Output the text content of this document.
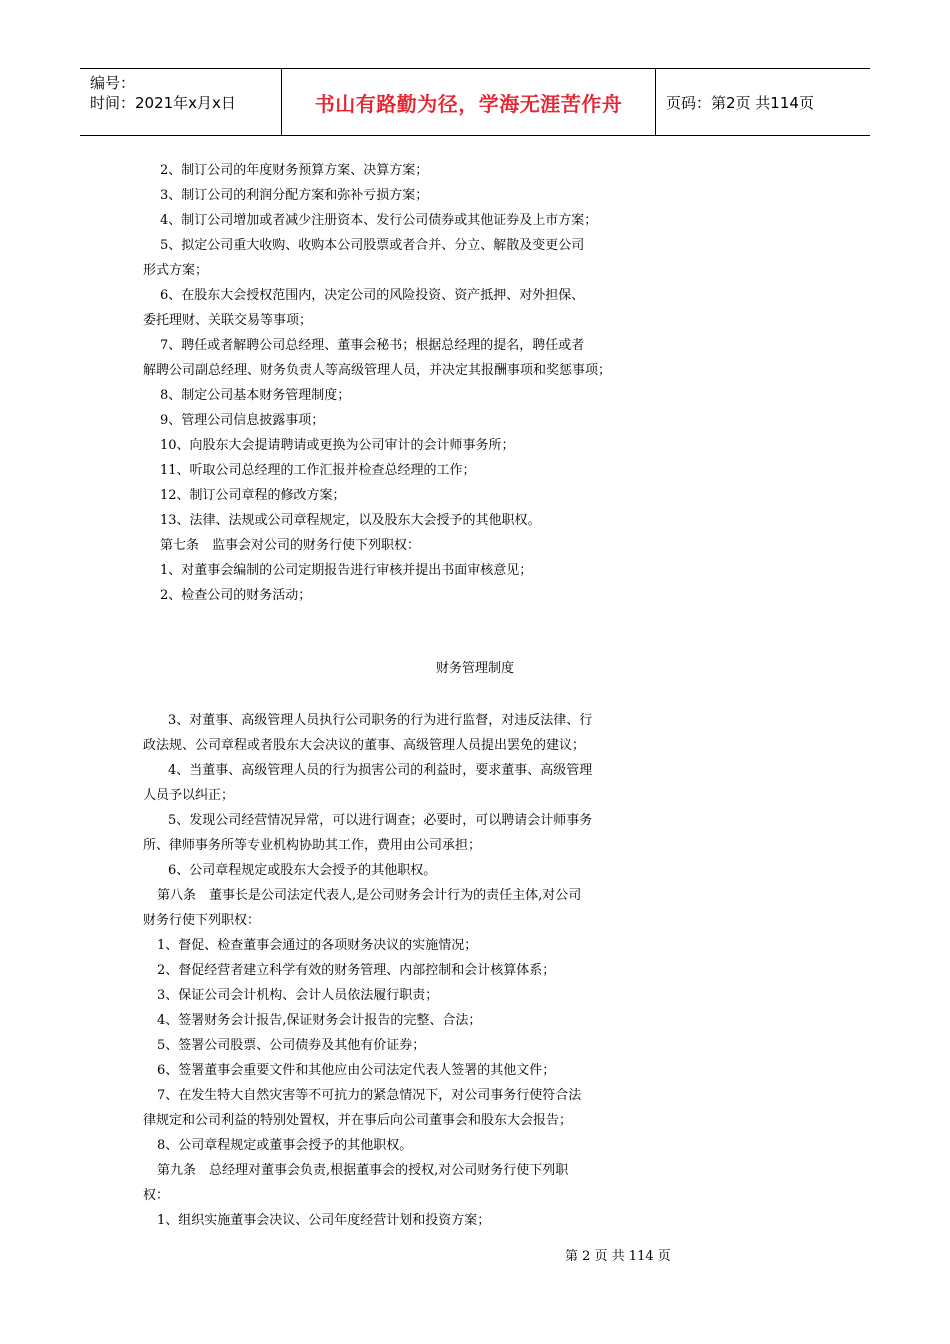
编号：
时间：2021年x月x日	书山有路勤为径，学海无涯苦作舟	页码：第2页 共114页
2、制订公司的年度财务预算方案、决算方案；
3、制订公司的利润分配方案和弥补亏损方案；
4、制订公司增加或者减少注册资本、发行公司债券或其他证券及上市方案；
5、拟定公司重大收购、收购本公司股票或者合并、分立、解散及变更公司
形式方案；
6、在股东大会授权范围内，决定公司的风险投资、资产抵押、对外担保、
委托理财、关联交易等事项；
7、聘任或者解聘公司总经理、董事会秘书；根据总经理的提名，聘任或者
解聘公司副总经理、财务负责人等高级管理人员，并决定其报酬事项和奖惩事项；
8、制定公司基本财务管理制度；
9、管理公司信息披露事项；
10、向股东大会提请聘请或更换为公司审计的会计师事务所；
11、听取公司总经理的工作汇报并检查总经理的工作；
12、制订公司章程的修改方案；
13、法律、法规或公司章程规定，以及股东大会授予的其他职权。
第七条　监事会对公司的财务行使下列职权：
1、对董事会编制的公司定期报告进行审核并提出书面审核意见；
2、检查公司的财务活动；
3、对董事、高级管理人员执行公司职务的行为进行监督，对违反法律、行
政法规、公司章程或者股东大会决议的董事、高级管理人员提出罢免的建议；
4、当董事、高级管理人员的行为损害公司的利益时，要求董事、高级管理
人员予以纠正；
5、发现公司经营情况异常，可以进行调查；必要时，可以聘请会计师事务
所、律师事务所等专业机构协助其工作，费用由公司承担；
6、公司章程规定或股东大会授予的其他职权。
第八条　董事长是公司法定代表人,是公司财务会计行为的责任主体,对公司
财务行使下列职权：
1、督促、检查董事会通过的各项财务决议的实施情况；
2、督促经营者建立科学有效的财务管理、内部控制和会计核算体系；
3、保证公司会计机构、会计人员依法履行职责；
4、签署财务会计报告,保证财务会计报告的完整、合法；
5、签署公司股票、公司债券及其他有价证券；
6、签署董事会重要文件和其他应由公司法定代表人签署的其他文件；
7、在发生特大自然灾害等不可抗力的紧急情况下，对公司事务行使符合法
律规定和公司利益的特别处置权，并在事后向公司董事会和股东大会报告；
8、公司章程规定或董事会授予的其他职权。
第九条　总经理对董事会负责,根据董事会的授权,对公司财务行使下列职
权：
1、组织实施董事会决议、公司年度经营计划和投资方案；
财务管理制度
第 2 页 共 114 页
